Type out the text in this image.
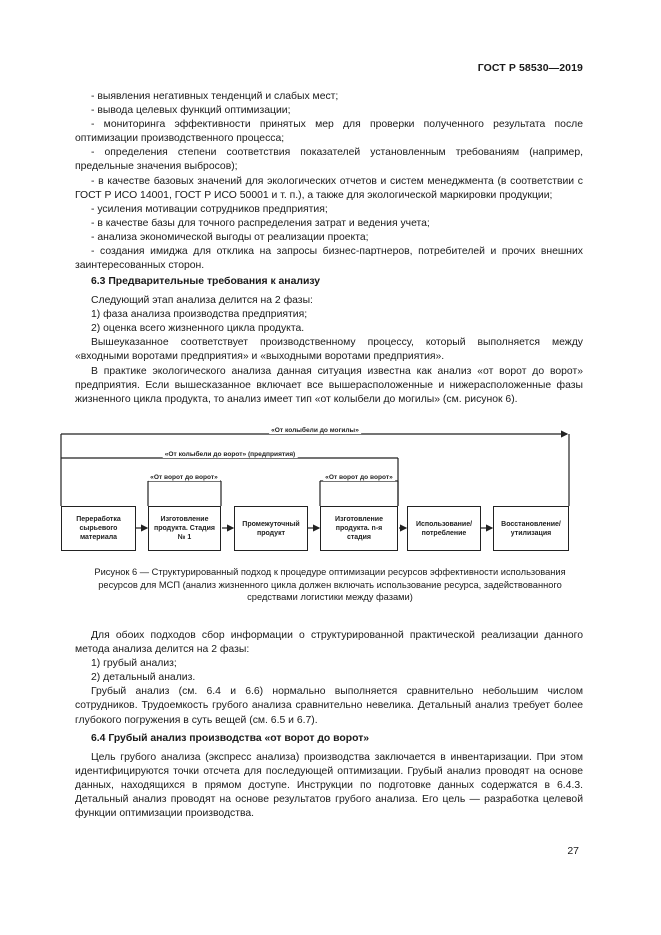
ГОСТ Р 58530—2019

- выявления негативных тенденций и слабых мест;

- вывода целевых функций оптимизации;

- мониторинга эффективности принятых мер для проверки полученного результата после оптимизации производственного процесса;

- определения степени соответствия показателей установленным требованиям (например, предельные значения выбросов);

- в качестве базовых значений для экологических отчетов и систем менеджмента (в соответствии с ГОСТ Р ИСО 14001, ГОСТ Р ИСО 50001 и т. п.), а также для экологической маркировки продукции;

- усиления мотивации сотрудников предприятия;

- в качестве базы для точного распределения затрат и ведения учета;

- анализа экономической выгоды от реализации проекта;

- создания имиджа для отклика на запросы бизнес-партнеров, потребителей и прочих внешних заинтересованных сторон.

6.3 Предварительные требования к анализу

Следующий этап анализа делится на 2 фазы:

1) фаза анализа производства предприятия;

2) оценка всего жизненного цикла продукта.

Вышеуказанное соответствует производственному процессу, который выполняется между «входными воротами предприятия» и «выходными воротами предприятия».

В практике экологического анализа данная ситуация известна как анализ «от ворот до ворот» предприятия. Если вышесказанное включает все вышерасположенные и нижерасположенные фазы жизненного цикла продукта, то анализ имеет тип «от колыбели до могилы» (см. рисунок 6).

«От колыбели до могилы»
«От колыбели до ворот» (предприятия)
«От ворот до ворот»	«От ворот до ворот»
Переработка сырьевого материала
Изготовление продукта. Стадия № 1
Промежуточный продукт
Изготовление продукта. n-я стадия
Использование/ потребление
Восстановление/ утилизация
Рисунок 6 — Структурированный подход к процедуре оптимизации ресурсов эффективности использования ресурсов для МСП (анализ жизненного цикла должен включать использование ресурса, задействованного средствами логистики между фазами)

Для обоих подходов сбор информации о структурированной практической реализации данного метода анализа делится на 2 фазы:

1) грубый анализ;

2) детальный анализ.

Грубый анализ (см. 6.4 и 6.6) нормально выполняется сравнительно небольшим числом сотрудников. Трудоемкость грубого анализа сравнительно невелика. Детальный анализ требует более глубокого погружения в суть вещей (см. 6.5 и 6.7).

6.4 Грубый анализ производства «от ворот до ворот»

Цель грубого анализа (экспресс анализа) производства заключается в инвентаризации. При этом идентифицируются точки отсчета для последующей оптимизации. Грубый анализ проводят на основе данных, находящихся в прямом доступе. Инструкции по подготовке данных содержатся в 6.4.3. Детальный анализ проводят на основе результатов грубого анализа. Его цель — разработка целевой функции оптимизации производства.

27
